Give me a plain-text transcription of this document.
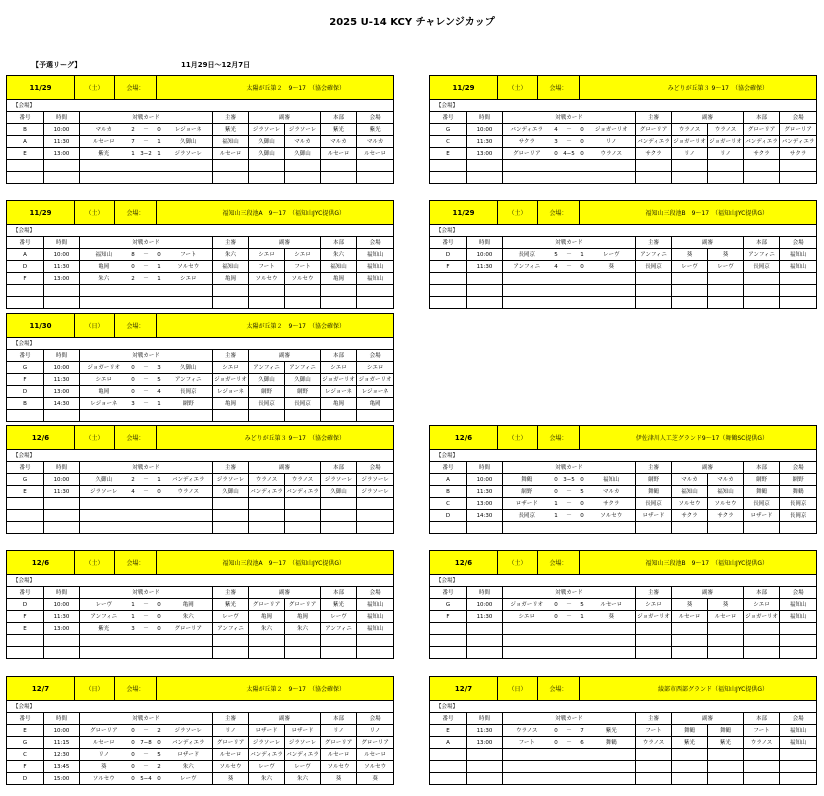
2025 U-14 KCY チャレンジカップ
【予選リーグ】	11月29日〜12月7日
11/29	（土）	会場：	太陽が丘第２　9〜17　（協会確保）
【会場】											
番号	時間	対戦カード					主審	副審		本部	会場
B	10:00	マルカ	2	－	0	レジョーネ	紫光	ジラソーレ	ジラソーレ	紫光	紫光
A	11:30	ルセーロ	7	－	1	久御山	福知山	久御山	マルカ	マルカ	マルカ
E	13:00	紫光	1	3−2	1	ジラソーレ	ルセーロ	久御山	久御山	ルセーロ	ルセーロ

11/29	（土）	会場：	みどりが丘第３ 9〜17　（協会確保）
【会場】											
番号	時間	対戦カード					主審	副審		本部	会場
G	10:00	バンディエラ	4	－	0	ジョガーリオ	グローリア	ウラノス	ウラノス	グローリア	グローリア
C	11:30	サクラ	3	－	0	リノ	バンディエラ	ジョガーリオ	ジョガーリオ	バンディエラ	バンディエラ
E	13:00	グローリア	0	4−5	0	ウラノス	サクラ	リノ	リノ	サクラ	サクラ

11/29	（土）	会場：	福知山三段池A　9〜17　（福知山JYC提供G）
【会場】											
番号	時間	対戦カード					主審	副審		本部	会場
A	10:00	福知山	8	－	0	フート	朱六	シエロ	シエロ	朱六	福知山
D	11:30	亀岡	0	－	1	ソルセウ	福知山	フート	フート	福知山	福知山
F	13:00	朱六	2	－	1	シエロ	亀岡	ソルセウ	ソルセウ	亀岡	福知山

11/29	（土）	会場：	福知山三段池B　9〜17　（福知山JYC提供G）
【会場】											
番号	時間	対戦カード					主審	副審		本部	会場
D	10:00	長岡京	5	－	1	レーヴ	アンフィニ	葵	葵	アンフィニ	福知山
F	11:30	アンフィニ	4	－	0	葵	長岡京	レーヴ	レーヴ	長岡京	福知山

11/30	（日）	会場：	太陽が丘第２　9〜17　（協会確保）
【会場】											
番号	時間	対戦カード					主審	副審		本部	会場
G	10:00	ジョガーリオ	0	－	3	久御山	シエロ	アンフィニ	アンフィニ	シエロ	シエロ
F	11:30	シエロ	0	－	5	アンフィニ	ジョガーリオ	久御山	久御山	ジョガーリオ	ジョガーリオ
D	13:00	亀岡	0	－	4	長岡京	レジョーネ	網野	網野	レジョーネ	レジョーネ
B	14:30	レジョーネ	3	－	1	網野	亀岡	長岡京	長岡京	亀岡	亀岡

12/6	（土）	会場：	みどりが丘第３ 9〜17　（協会確保）
【会場】											
番号	時間	対戦カード					主審	副審		本部	会場
G	10:00	久御山	2	－	1	バンディエラ	ジラソーレ	ウラノス	ウラノス	ジラソーレ	ジラソーレ
E	11:30	ジラソーレ	4	－	0	ウラノス	久御山	バンディエラ	バンディエラ	久御山	ジラソーレ

12/6	（土）	会場：	伊佐津川人工芝グランド9〜17（舞鶴SC提供G）
【会場】											
番号	時間	対戦カード					主審	副審		本部	会場
A	10:00	舞鶴	0	3−5	0	福知山	網野	マルカ	マルカ	網野	網野
B	11:30	網野	0	－	5	マルカ	舞鶴	福知山	福知山	舞鶴	舞鶴
C	13:00	ロザード	1	－	0	サクラ	長岡京	ソルセウ	ソルセウ	長岡京	長岡京
D	14:30	長岡京	1	－	0	ソルセウ	ロザード	サクラ	サクラ	ロザード	長岡京

12/6	（土）	会場：	福知山三段池A　9〜17　（福知山JYC提供G）
【会場】											
番号	時間	対戦カード					主審	副審		本部	会場
D	10:00	レーヴ	1	－	0	亀岡	紫光	グローリア	グローリア	紫光	福知山
F	11:30	アンフィニ	1	－	0	朱六	レーヴ	亀岡	亀岡	レーヴ	福知山
E	13:00	紫光	3	－	0	グローリア	アンフィニ	朱六	朱六	アンフィニ	福知山

12/6	（土）	会場：	福知山三段池B　9〜17　（福知山JYC提供G）
【会場】											
番号	時間	対戦カード					主審	副審		本部	会場
G	10:00	ジョガーリオ	0	－	5	ルセーロ	シエロ	葵	葵	シエロ	福知山
F	11:30	シエロ	0	－	1	葵	ジョガーリオ	ルセーロ	ルセーロ	ジョガーリオ	福知山

12/7	（日）	会場：	太陽が丘第２　9〜17　（協会確保）
【会場】											
番号	時間	対戦カード					主審	副審		本部	会場
E	10:00	グローリア	0	－	2	ジラソーレ	リノ	ロザード	ロザード	リノ	リノ
G	11:15	ルセーロ	0	7−8	0	バンディエラ	グローリア	ジラソーレ	ジラソーレ	グローリア	グローリア
C	12:30	リノ	0	－	5	ロザード	ルセーロ	バンディエラ	バンディエラ	ルセーロ	ルセーロ
F	13:45	葵	0	－	2	朱六	ソルセウ	レーヴ	レーヴ	ソルセウ	ソルセウ
D	15:00	ソルセウ	0	5−4	0	レーヴ	葵	朱六	朱六	葵	葵
12/7	（日）	会場：	綾部市西部グランド（福知山JYC提供G）
【会場】											
番号	時間	対戦カード					主審	副審		本部	会場
E	11:30	ウラノス	0	－	7	紫光	フート	舞鶴	舞鶴	フート	福知山
A	13:00	フート	0	－	6	舞鶴	ウラノス	紫光	紫光	ウラノス	福知山
